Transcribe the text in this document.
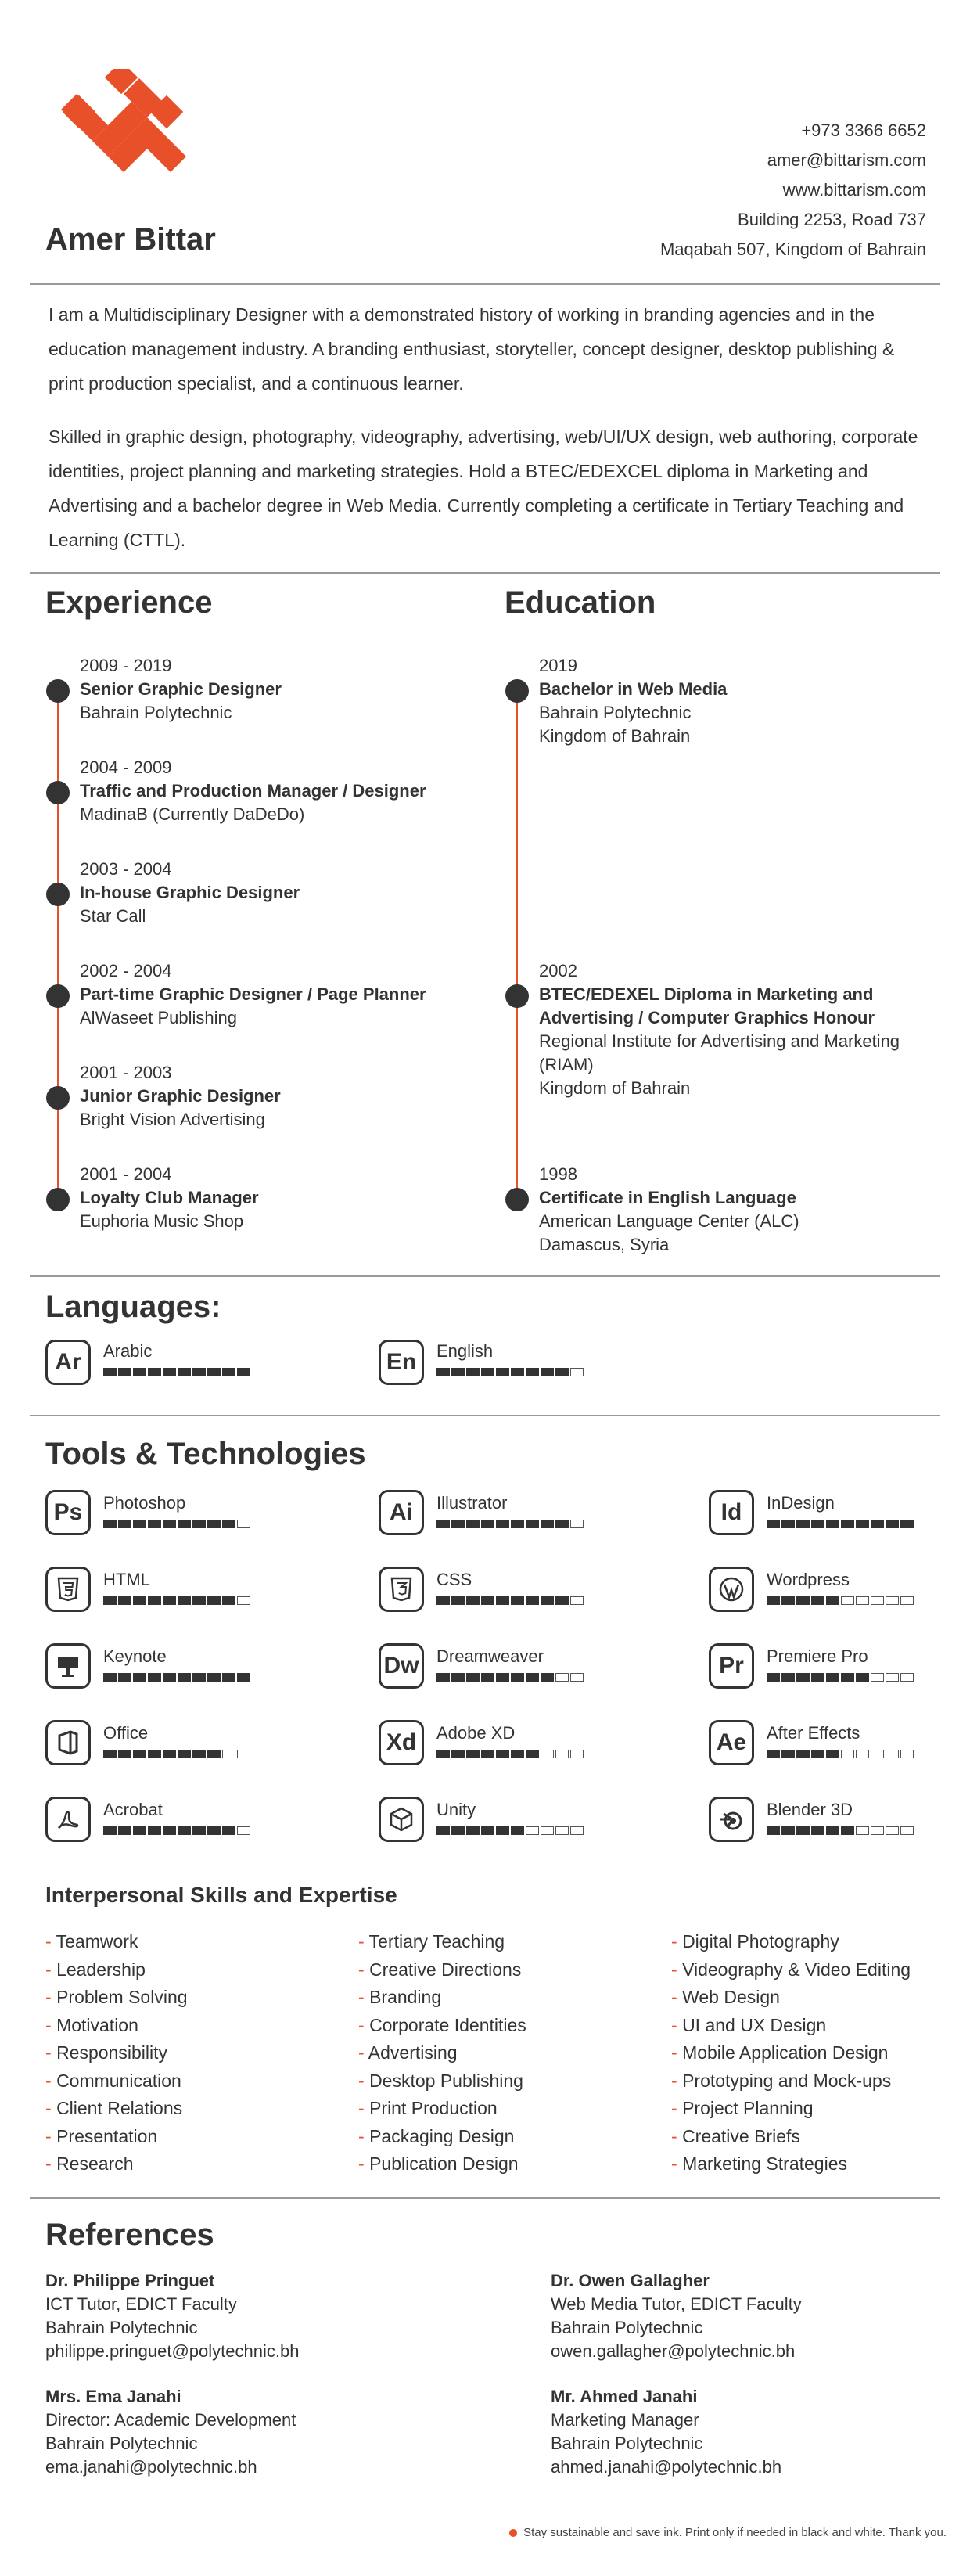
Amer Bittar
+973 3366 6652
amer@bittarism.com
www.bittarism.com
Building 2253, Road 737
Maqabah 507, Kingdom of Bahrain

I am a Multidisciplinary Designer with a demonstrated history of working in branding agencies and in the education management industry. A branding enthusiast, storyteller, concept designer, desktop publishing & print production specialist, and a continuous learner.

Skilled in graphic design, photography, videography, advertising, web/UI/UX design, web authoring, corporate identities, project planning and marketing strategies. Hold a BTEC/EDEXCEL diploma in Marketing and Advertising and a bachelor degree in Web Media. Currently completing a certificate in Tertiary Teaching and Learning (CTTL).

Experience	Education
Languages:
Tools & Technologies
Interpersonal Skills and Expertise
- Teamwork
- Leadership
- Problem Solving
- Motivation
- Responsibility
- Communication
- Client Relations
- Presentation
- Research
- Tertiary Teaching
- Creative Directions
- Branding
- Corporate Identities
- Advertising
- Desktop Publishing
- Print Production
- Packaging Design
- Publication Design
- Digital Photography
- Videography & Video Editing
- Web Design
- UI and UX Design
- Mobile Application Design
- Prototyping and Mock-ups
- Project Planning
- Creative Briefs
- Marketing Strategies
References
Stay sustainable and save ink. Print only if needed in black and white. Thank you.
2009 - 2019
Senior Graphic Designer
Bahrain Polytechnic
2004 - 2009
Traffic and Production Manager / Designer
MadinaB (Currently DaDeDo)
2003 - 2004
In-house Graphic Designer
Star Call
2002 - 2004
Part-time Graphic Designer / Page Planner
AlWaseet Publishing
2001 - 2003
Junior Graphic Designer
Bright Vision Advertising
2001 - 2004
Loyalty Club Manager
Euphoria Music Shop
2019
Bachelor in Web Media
Bahrain Polytechnic
Kingdom of Bahrain
2002
BTEC/EDEXEL Diploma in Marketing and Advertising / Computer Graphics Honour
Regional Institute for Advertising and Marketing (RIAM)
Kingdom of Bahrain
1998
Certificate in English Language
American Language Center (ALC)
Damascus, Syria
Ar	Arabic	En	English
Ps	Photoshop	Ai	Illustrator	Id	InDesign
HTML	CSS	Wordpress
Keynote	Dw Dreamweaver	Pr	Premiere Pro
Office	Xd	Adobe XD	Ae	After Effects
Acrobat	Unity	Blender 3D
Dr. Philippe Pringuet
ICT Tutor, EDICT Faculty
Bahrain Polytechnic
philippe.pringuet@polytechnic.bh
Dr. Owen Gallagher
Web Media Tutor, EDICT Faculty
Bahrain Polytechnic
owen.gallagher@polytechnic.bh
Mrs. Ema Janahi
Director: Academic Development
Bahrain Polytechnic
ema.janahi@polytechnic.bh
Mr. Ahmed Janahi
Marketing Manager
Bahrain Polytechnic
ahmed.janahi@polytechnic.bh
